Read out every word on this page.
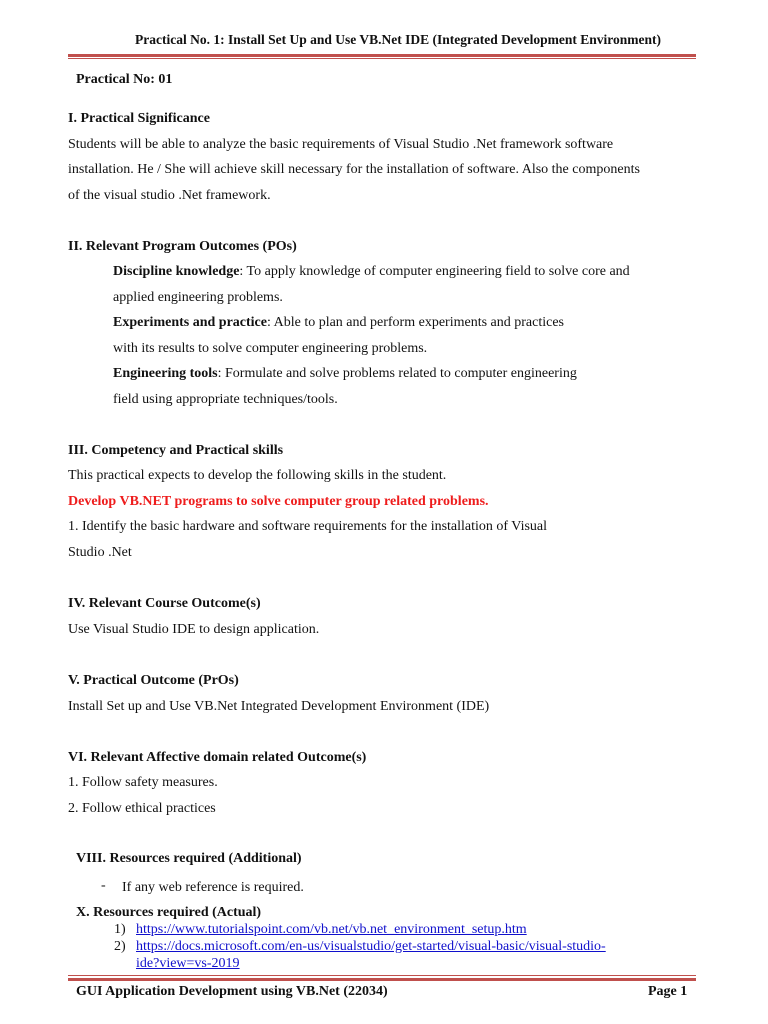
Practical No. 1: Install Set Up and Use VB.Net IDE (Integrated Development Environment)
Practical No: 01
I. Practical Significance
Students will be able to analyze the basic requirements of Visual Studio .Net framework software
installation. He / She will achieve skill necessary for the installation of software. Also the components
of the visual studio .Net framework.
II. Relevant Program Outcomes (POs)
Discipline knowledge: To apply knowledge of computer engineering field to solve core and
applied engineering problems.
Experiments and practice: Able to plan and perform experiments and practices
with its results to solve computer engineering problems.
Engineering tools: Formulate and solve problems related to computer engineering
field using appropriate techniques/tools.
III. Competency and Practical skills
This practical expects to develop the following skills in the student.
Develop VB.NET programs to solve computer group related problems.
1. Identify the basic hardware and software requirements for the installation of Visual
Studio .Net
IV. Relevant Course Outcome(s)
Use Visual Studio IDE to design application.
V. Practical Outcome (PrOs)
Install Set up and Use VB.Net Integrated Development Environment (IDE)
VI. Relevant Affective domain related Outcome(s)
1. Follow safety measures.
2. Follow ethical practices
VIII. Resources required (Additional)
- If any web reference is required.
X. Resources required (Actual)
1) https://www.tutorialspoint.com/vb.net/vb.net_environment_setup.htm
2) https://docs.microsoft.com/en-us/visualstudio/get-started/visual-basic/visual-studio-
ide?view=vs-2019
GUI Application Development using VB.Net (22034)	Page 1
